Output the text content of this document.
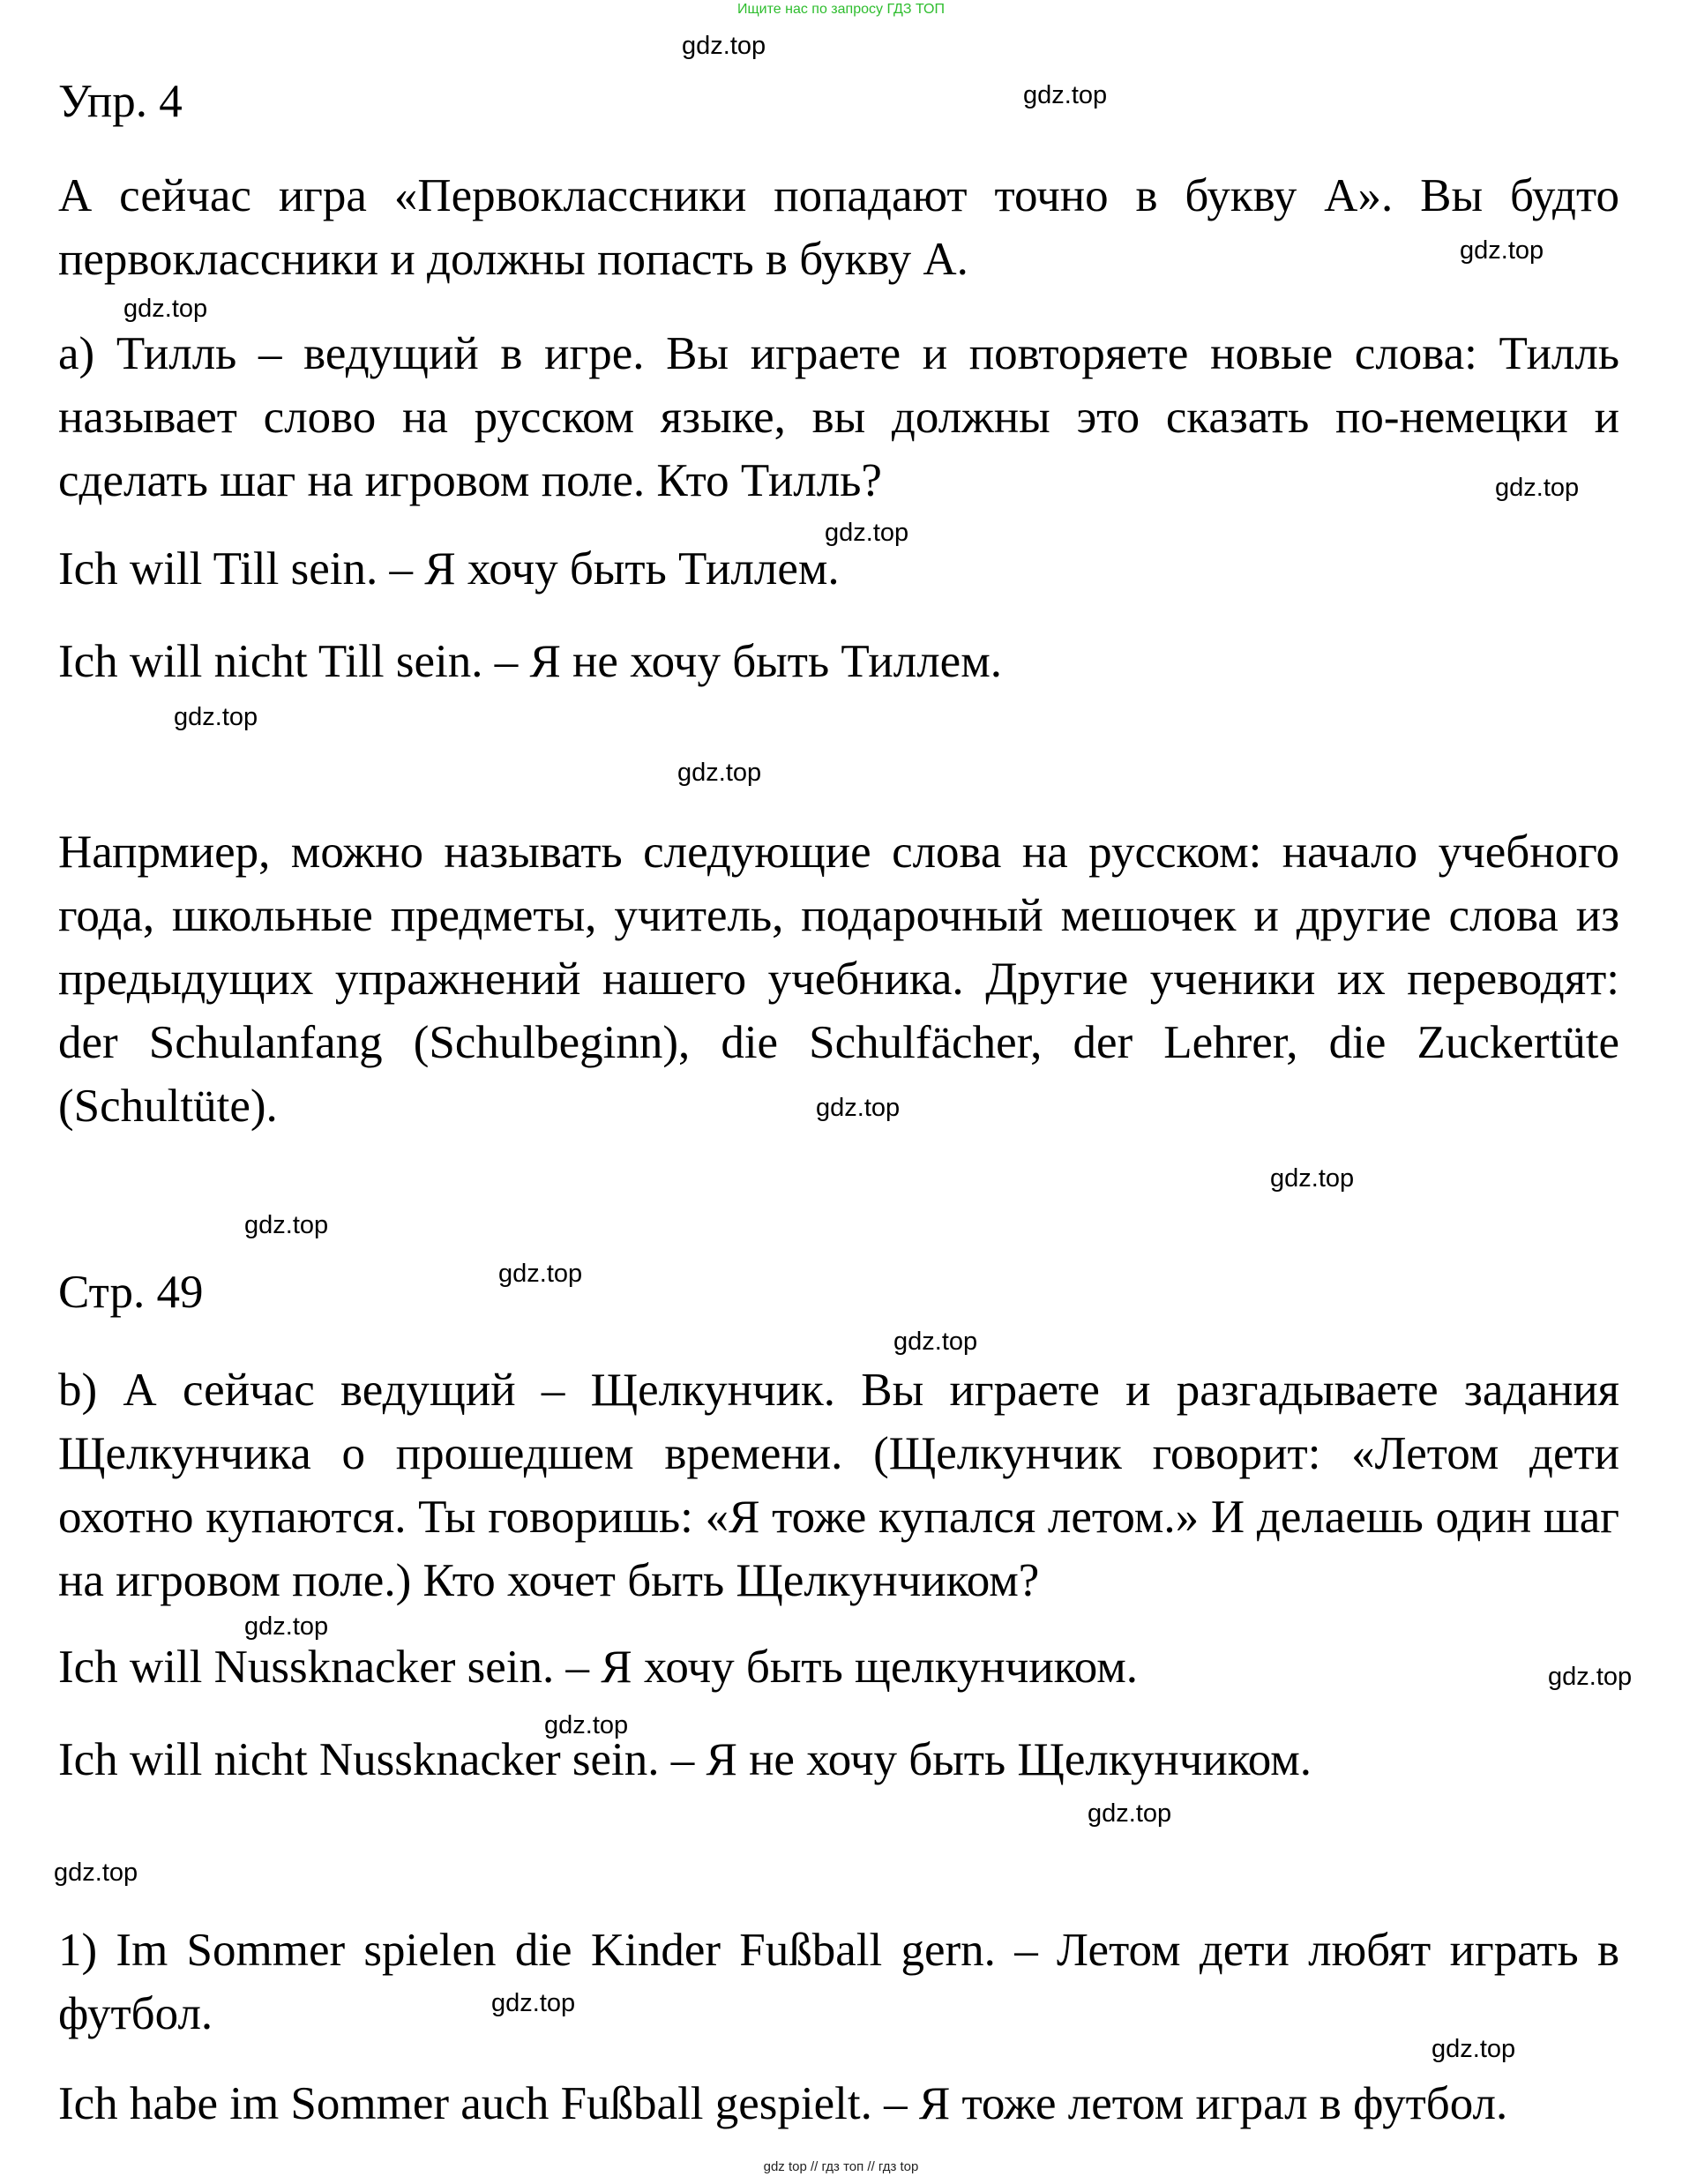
Ищите нас по запросу ГДЗ ТОП
gdz.top
gdz.top
gdz.top
gdz.top
gdz.top
gdz.top
gdz.top
gdz.top
gdz.top
gdz.top
gdz.top
gdz.top
gdz.top
gdz.top
gdz.top
gdz.top
gdz.top
gdz.top
gdz.top
gdz.top
Упр. 4
А сейчас игра «Первоклассники попадают точно в букву А». Вы будто первоклассники и должны попасть в букву А.
а) Тилль – ведущий в игре. Вы играете и повторяете новые слова: Тилль называет слово на русском языке, вы должны это сказать по-немецки и сделать шаг на игровом поле. Кто Тилль?
Ich will Till sein. – Я хочу быть Тиллем.
Ich will nicht Till sein. – Я не хочу быть Тиллем.
Напрмиер, можно называть следующие слова на русском: начало учебного года, школьные предметы, учитель, подарочный мешочек и другие слова из предыдущих упражнений нашего учебника. Другие ученики их переводят: der Schulanfang (Schulbeginn), die Schulfächer, der Lehrer, die Zuckertüte (Schultüte).
Стр. 49
b) А сейчас ведущий – Щелкунчик. Вы играете и разгадываете задания Щелкунчика о прошедшем времени. (Щелкунчик говорит: «Летом дети охотно купаются. Ты говоришь: «Я тоже купался летом.» И делаешь один шаг на игровом поле.) Кто хочет быть Щелкунчиком?
Ich will Nussknacker sein. – Я хочу быть щелкунчиком.
Ich will nicht Nussknacker sein. – Я не хочу быть Щелкунчиком.
1) Im Sommer spielen die Kinder Fußball gern. – Летом дети любят играть в футбол.
Ich habe im Sommer auch Fußball gespielt. – Я тоже летом играл в футбол.
gdz top // гдз топ // гдз top
